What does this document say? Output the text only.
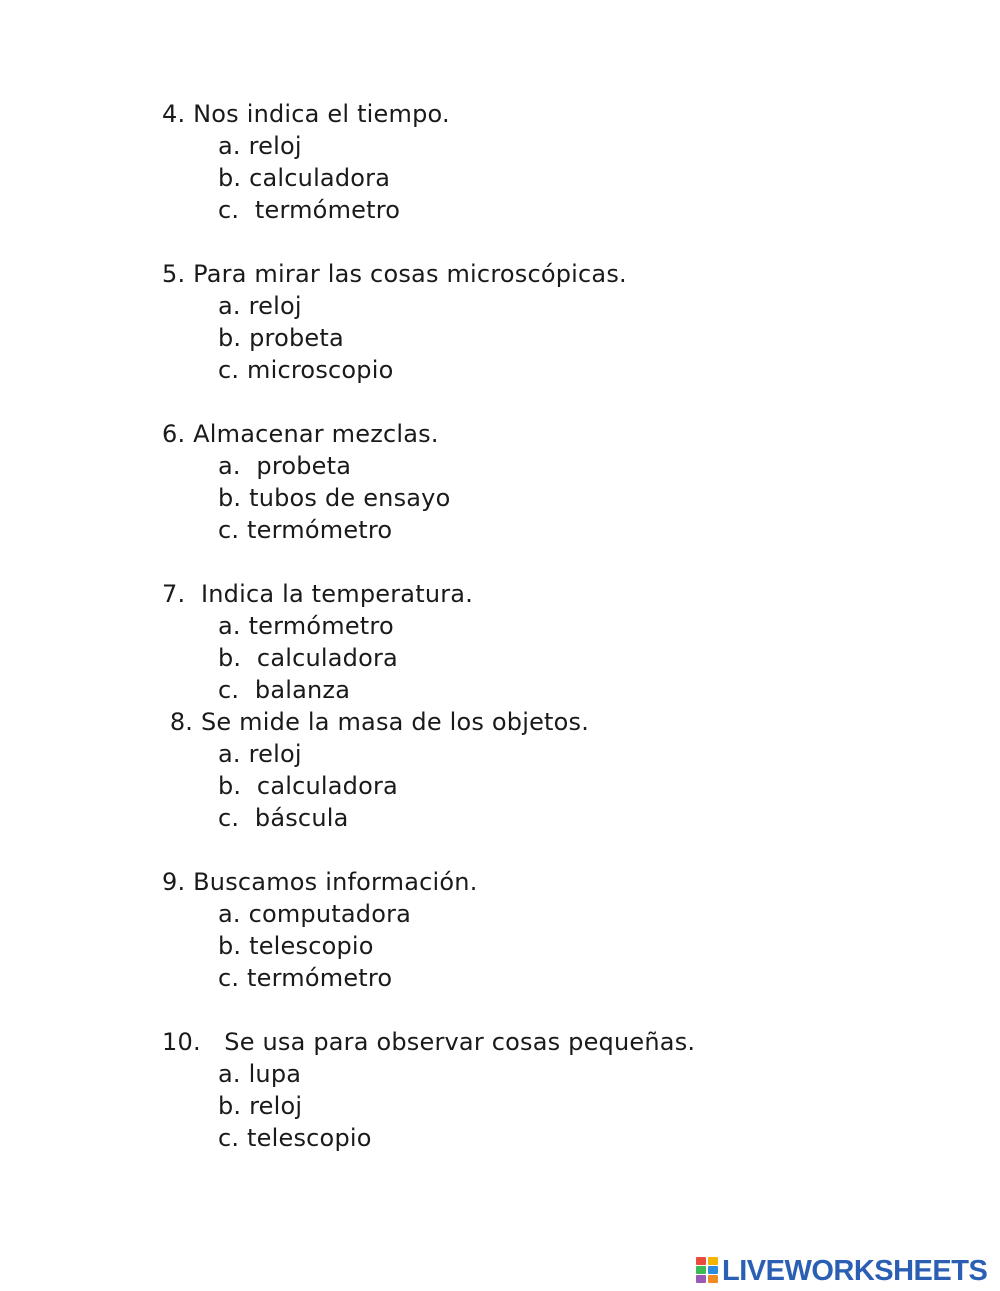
4. Nos indica el tiempo.
a. reloj
b. calculadora
c.  termómetro
5. Para mirar las cosas microscópicas.
a. reloj
b. probeta
c. microscopio
6. Almacenar mezclas.
a.  probeta
b. tubos de ensayo
c. termómetro
7.  Indica la temperatura.
a. termómetro
b.  calculadora
c.  balanza
8. Se mide la masa de los objetos.
a. reloj
b.  calculadora
c.  báscula
9. Buscamos información.
a. computadora
b. telescopio
c. termómetro
10.   Se usa para observar cosas pequeñas.
a. lupa
b. reloj
c. telescopio
LIVEWORKSHEETS
